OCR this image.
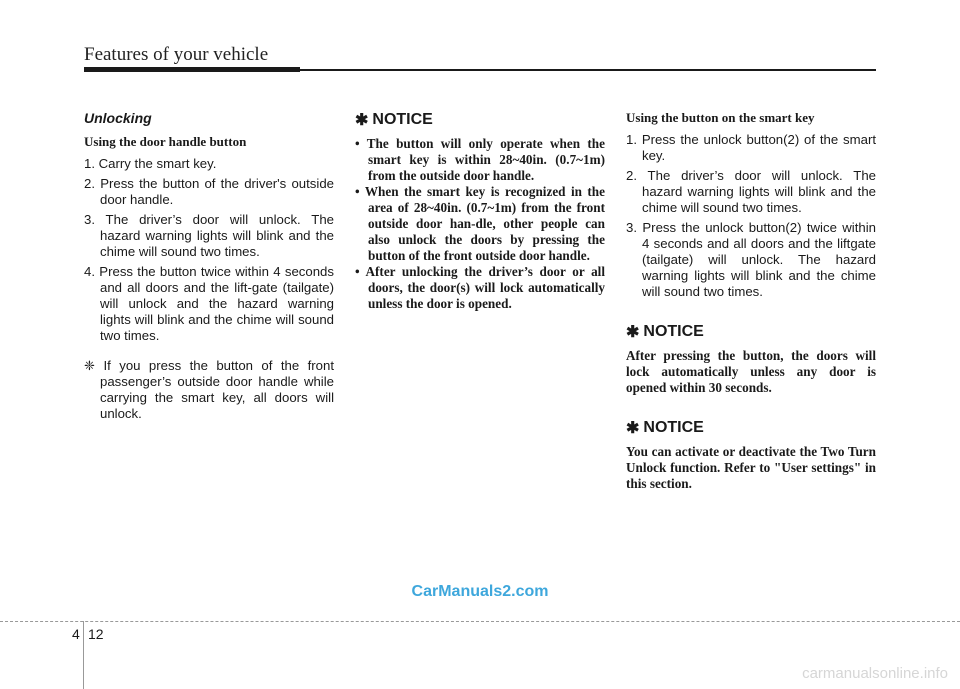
Features of your vehicle
Unlocking
Using the door handle button
1. Carry the smart key.
2. Press the button of the driver's outside door handle.
3. The driver’s door will unlock. The hazard warning lights will blink and the chime will sound two times.
4. Press the button twice within 4 seconds and all doors and the lift-gate (tailgate) will unlock and the hazard warning lights will blink and the chime will sound two times.
❈ If you press the button of the front passenger’s outside door handle while carrying the smart key, all doors will unlock.
✱ NOTICE
• The button will only operate when the smart key is within 28~40in. (0.7~1m) from the outside door handle.
• When the smart key is recognized in the area of 28~40in. (0.7~1m) from the front outside door han-dle, other people can also unlock the doors by pressing the button of the front outside door handle.
• After unlocking the driver’s door or all doors, the door(s) will lock automatically unless the door is opened.
Using the button on the smart key
1. Press the unlock button(2) of the smart key.
2. The driver’s door will unlock. The hazard warning lights will blink and the chime will sound two times.
3. Press the unlock button(2) twice within 4 seconds and all doors and the liftgate (tailgate) will unlock. The hazard warning lights will blink and the chime will sound two times.
✱ NOTICE

After pressing the button, the doors will lock automatically unless any door is opened within 30 seconds.

✱ NOTICE

You can activate or deactivate the Two Turn Unlock function. Refer to "User settings" in this section.

CarManuals2.com
4 12
carmanualsonline.info
